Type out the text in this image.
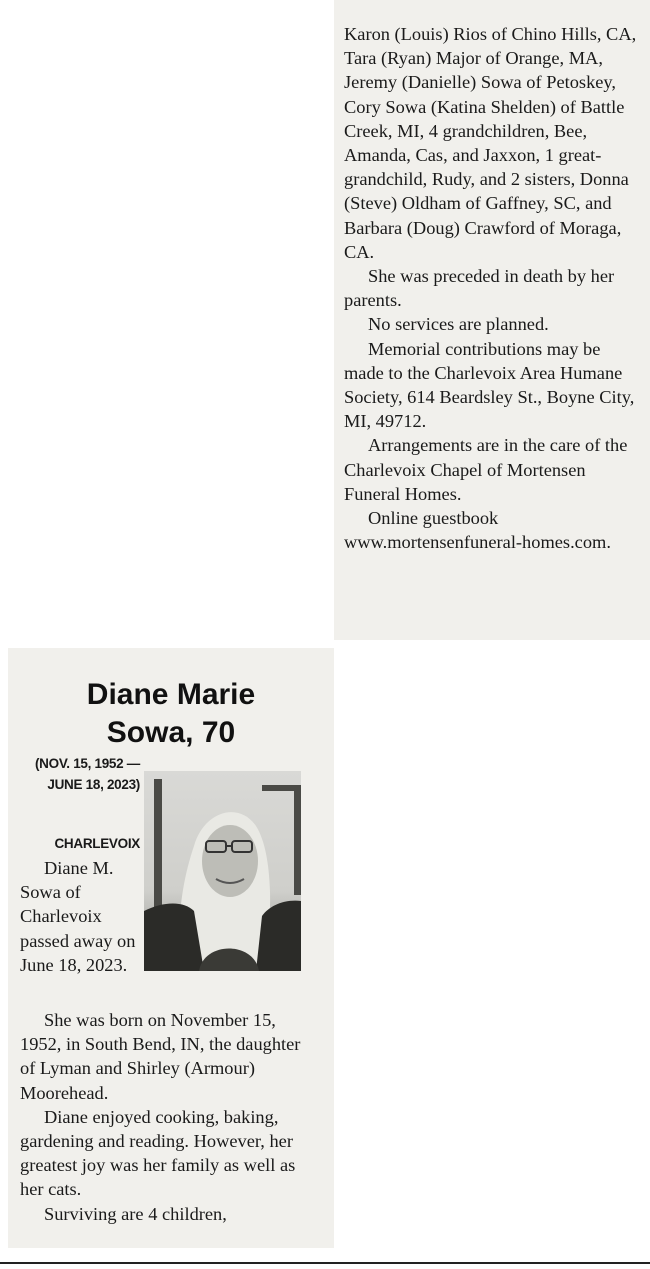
Karon (Louis) Rios of Chino Hills, CA, Tara (Ryan) Major of Orange, MA, Jeremy (Danielle) Sowa of Petoskey, Cory Sowa (Katina Shelden) of Battle Creek, MI, 4 grandchildren, Bee, Amanda, Cas, and Jaxxon, 1 great-grandchild, Rudy, and 2 sisters, Donna (Steve) Oldham of Gaffney, SC, and Barbara (Doug) Crawford of Moraga, CA.
She was preceded in death by her parents.
No services are planned.
Memorial contributions may be made to the Charlevoix Area Humane Society, 614 Beardsley St., Boyne City, MI, 49712.
Arrangements are in the care of the Charlevoix Chapel of Mortensen Funeral Homes.
Online guestbook www.mortensenfuneral-homes.com.
Diane Marie
Sowa, 70
(NOV. 15, 1952 — JUNE 18, 2023)
CHARLEVOIX
Diane M. Sowa of Charlevoix passed away on June 18, 2023.
She was born on November 15, 1952, in South Bend, IN, the daughter of Lyman and Shirley (Armour) Moorehead.
Diane enjoyed cooking, baking, gardening and reading. However, her greatest joy was her family as well as her cats.
Surviving are 4 children,
